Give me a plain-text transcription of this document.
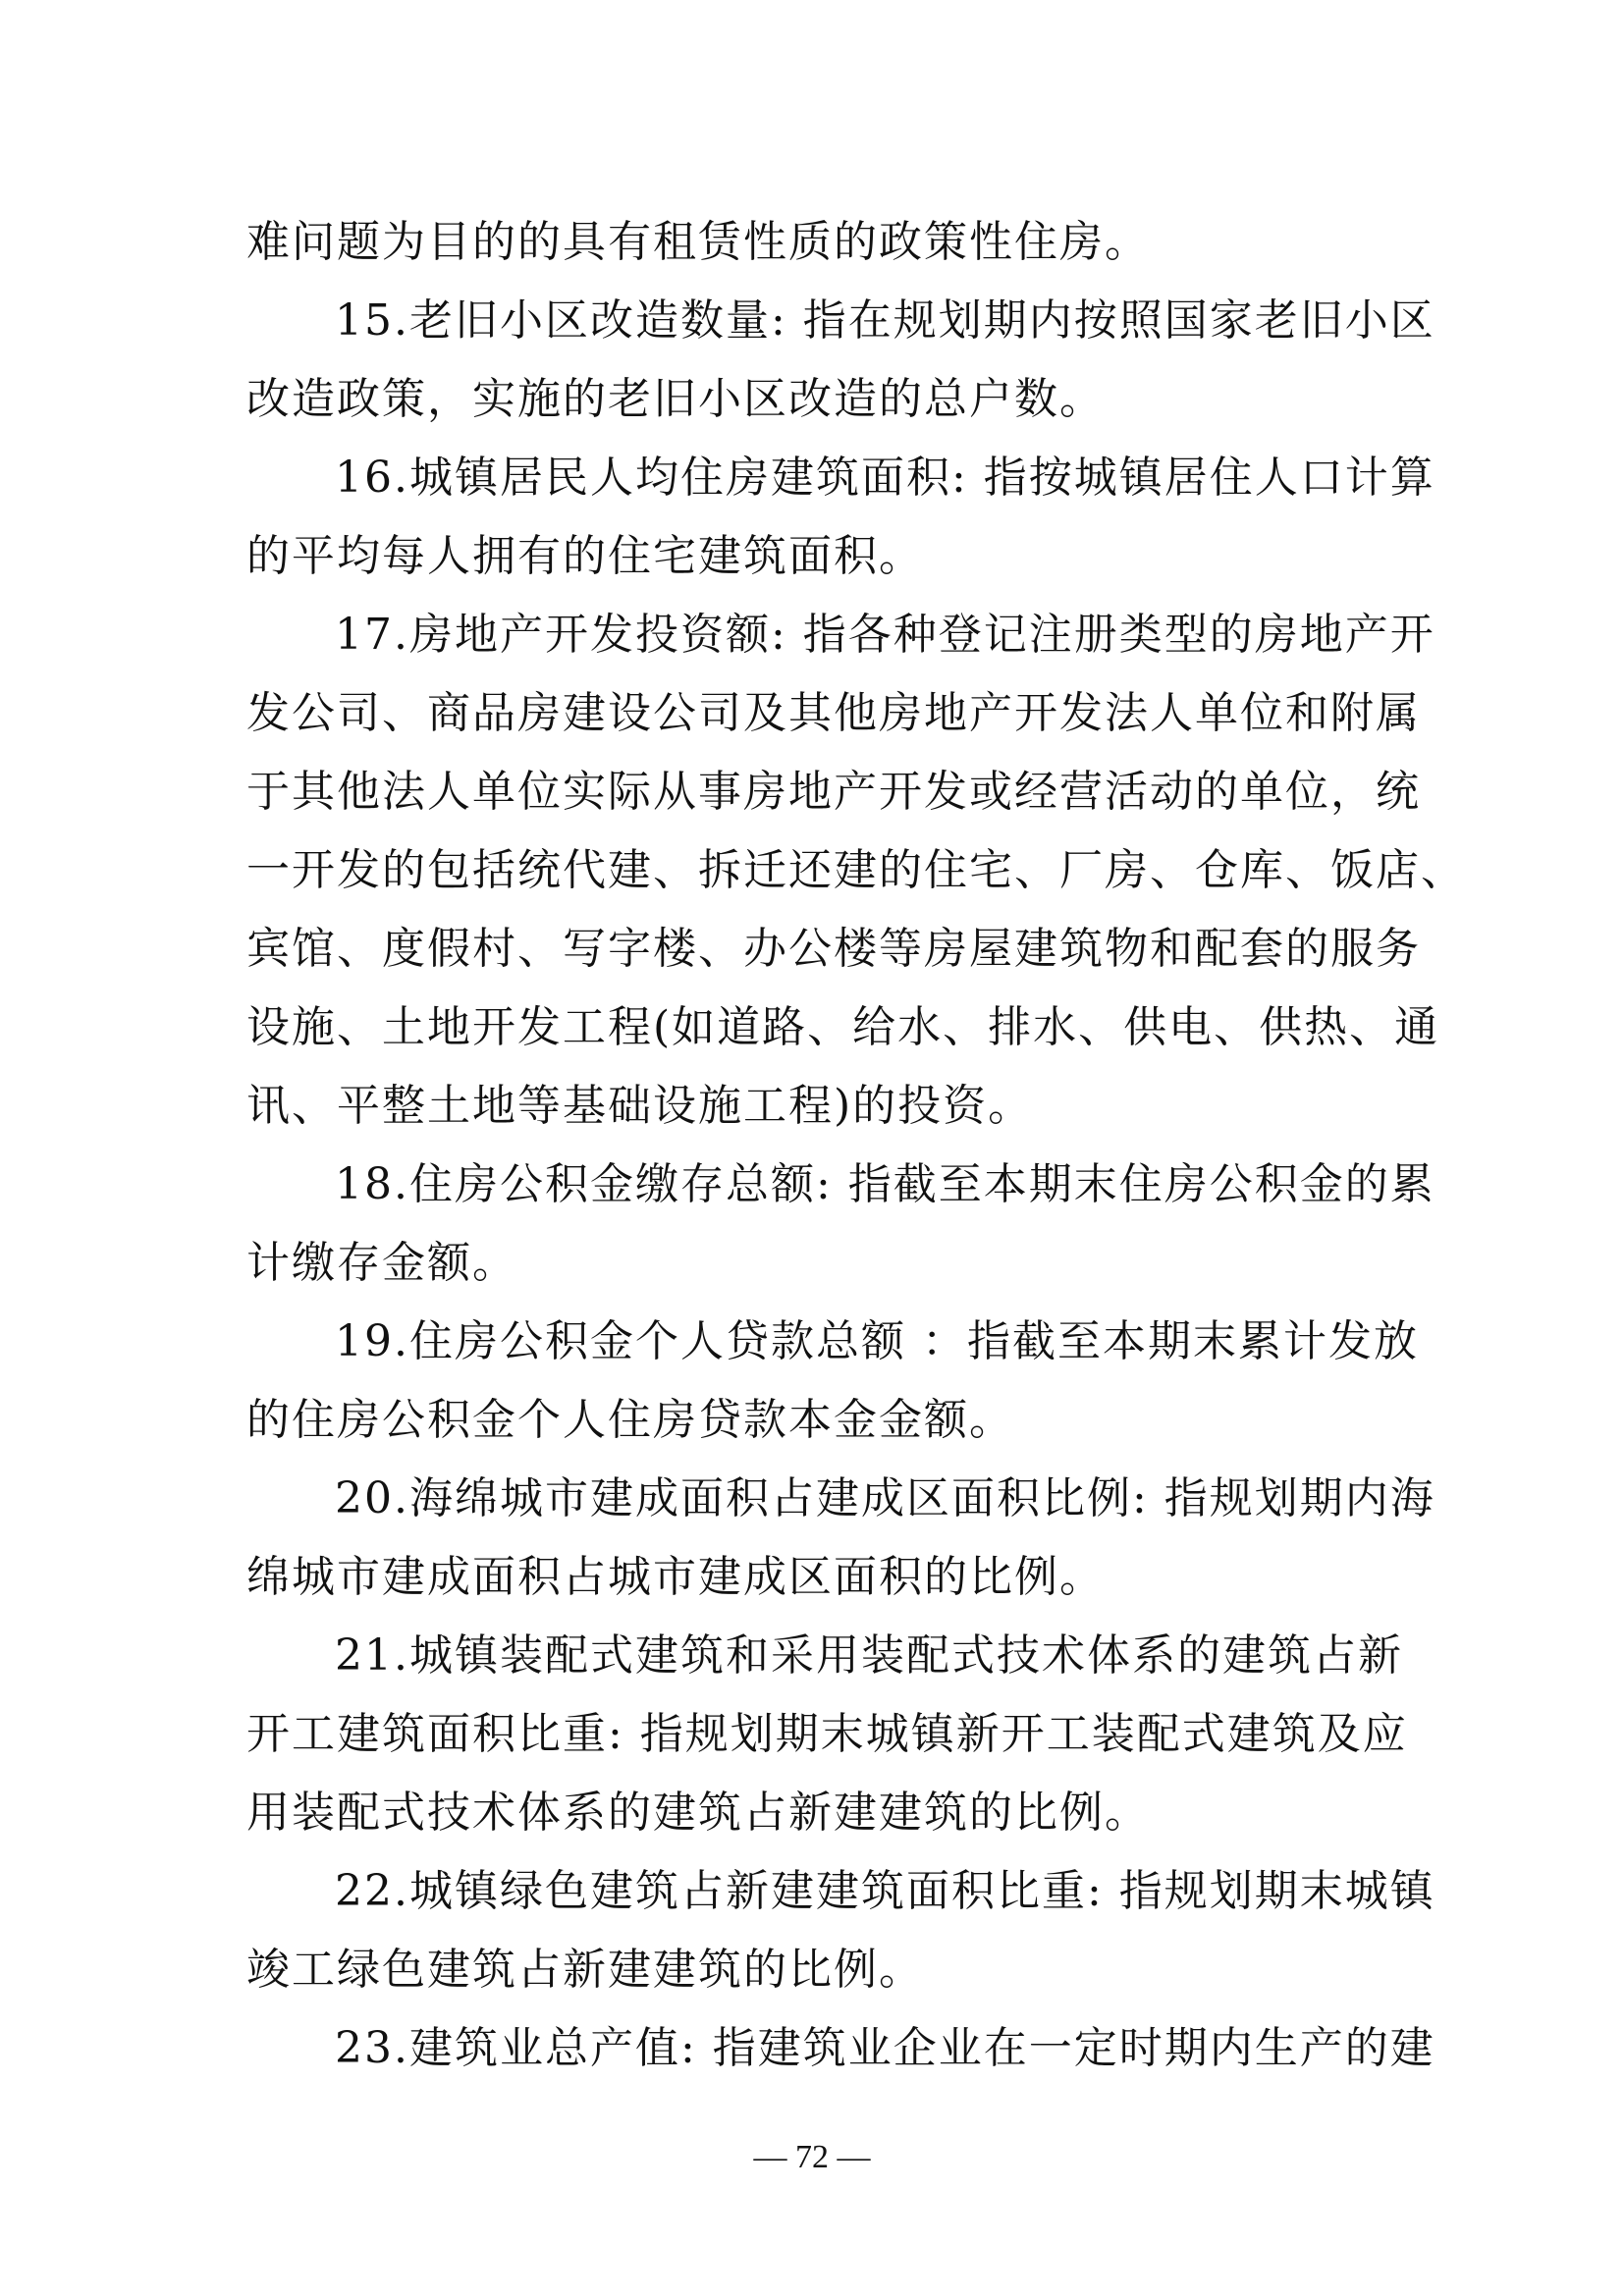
难问题为目的的具有租赁性质的政策性住房。
15.老旧小区改造数量: 指在规划期内按照国家老旧小区
改造政策，实施的老旧小区改造的总户数。
16.城镇居民人均住房建筑面积: 指按城镇居住人口计算
的平均每人拥有的住宅建筑面积。
17.房地产开发投资额: 指各种登记注册类型的房地产开
发公司、商品房建设公司及其他房地产开发法人单位和附属
于其他法人单位实际从事房地产开发或经营活动的单位，统
一开发的包括统代建、拆迁还建的住宅、厂房、仓库、饭店、
宾馆、度假村、写字楼、办公楼等房屋建筑物和配套的服务
设施、土地开发工程(如道路、给水、排水、供电、供热、通
讯、平整土地等基础设施工程)的投资。
18.住房公积金缴存总额: 指截至本期末住房公积金的累
计缴存金额。
19.住房公积金个人贷款总额 ：指截至本期末累计发放
的住房公积金个人住房贷款本金金额。
20.海绵城市建成面积占建成区面积比例: 指规划期内海
绵城市建成面积占城市建成区面积的比例。
21.城镇装配式建筑和采用装配式技术体系的建筑占新
开工建筑面积比重: 指规划期末城镇新开工装配式建筑及应
用装配式技术体系的建筑占新建建筑的比例。
22.城镇绿色建筑占新建建筑面积比重: 指规划期末城镇
竣工绿色建筑占新建建筑的比例。
23.建筑业总产值: 指建筑业企业在一定时期内生产的建
— 72 —
